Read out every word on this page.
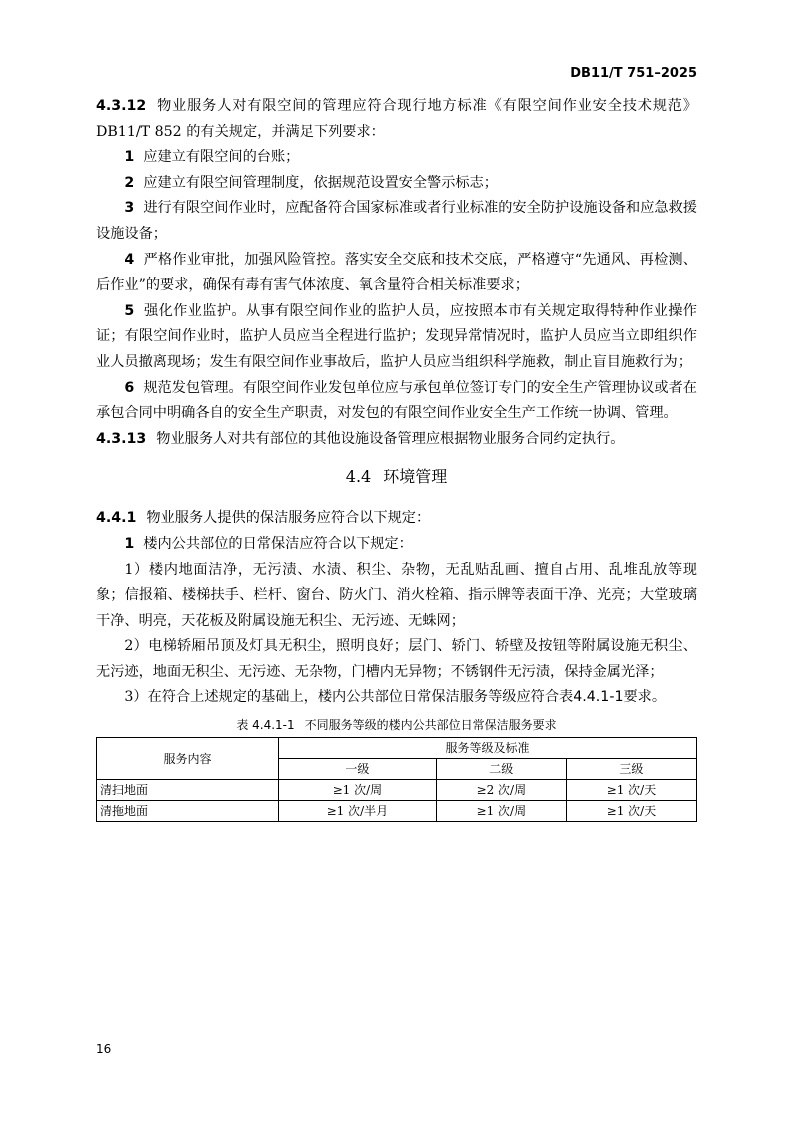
DB11/T 751–2025

4.3.12 物业服务人对有限空间的管理应符合现行地方标准《有限空间作业安全技术规范》DB11/T 852 的有关规定，并满足下列要求：

1 应建立有限空间的台账；

2 应建立有限空间管理制度，依据规范设置安全警示标志；

3 进行有限空间作业时，应配备符合国家标准或者行业标准的安全防护设施设备和应急救援设施设备；

4 严格作业审批，加强风险管控。落实安全交底和技术交底，严格遵守“先通风、再检测、后作业”的要求，确保有毒有害气体浓度、氧含量符合相关标准要求；

5 强化作业监护。从事有限空间作业的监护人员，应按照本市有关规定取得特种作业操作证；有限空间作业时，监护人员应当全程进行监护；发现异常情况时，监护人员应当立即组织作业人员撤离现场；发生有限空间作业事故后，监护人员应当组织科学施救，制止盲目施救行为；

6 规范发包管理。有限空间作业发包单位应与承包单位签订专门的安全生产管理协议或者在承包合同中明确各自的安全生产职责，对发包的有限空间作业安全生产工作统一协调、管理。

4.3.13 物业服务人对共有部位的其他设施设备管理应根据物业服务合同约定执行。

4.4 环境管理

4.4.1 物业服务人提供的保洁服务应符合以下规定：

1 楼内公共部位的日常保洁应符合以下规定：

1）楼内地面洁净，无污渍、水渍、积尘、杂物，无乱贴乱画、擅自占用、乱堆乱放等现象；信报箱、楼梯扶手、栏杆、窗台、防火门、消火栓箱、指示牌等表面干净、光亮；大堂玻璃干净、明亮，天花板及附属设施无积尘、无污迹、无蛛网；

2）电梯轿厢吊顶及灯具无积尘，照明良好；层门、轿门、轿壁及按钮等附属设施无积尘、无污迹，地面无积尘、无污迹、无杂物，门槽内无异物；不锈钢件无污渍，保持金属光泽；

3）在符合上述规定的基础上，楼内公共部位日常保洁服务等级应符合表4.4.1-1要求。

表 4.4.1-1 不同服务等级的楼内公共部位日常保洁服务要求

服务内容	服务等级及标准		
	一级	二级	三级
清扫地面	≥1 次/周	≥2 次/周	≥1 次/天
清拖地面	≥1 次/半月	≥1 次/周	≥1 次/天
16
